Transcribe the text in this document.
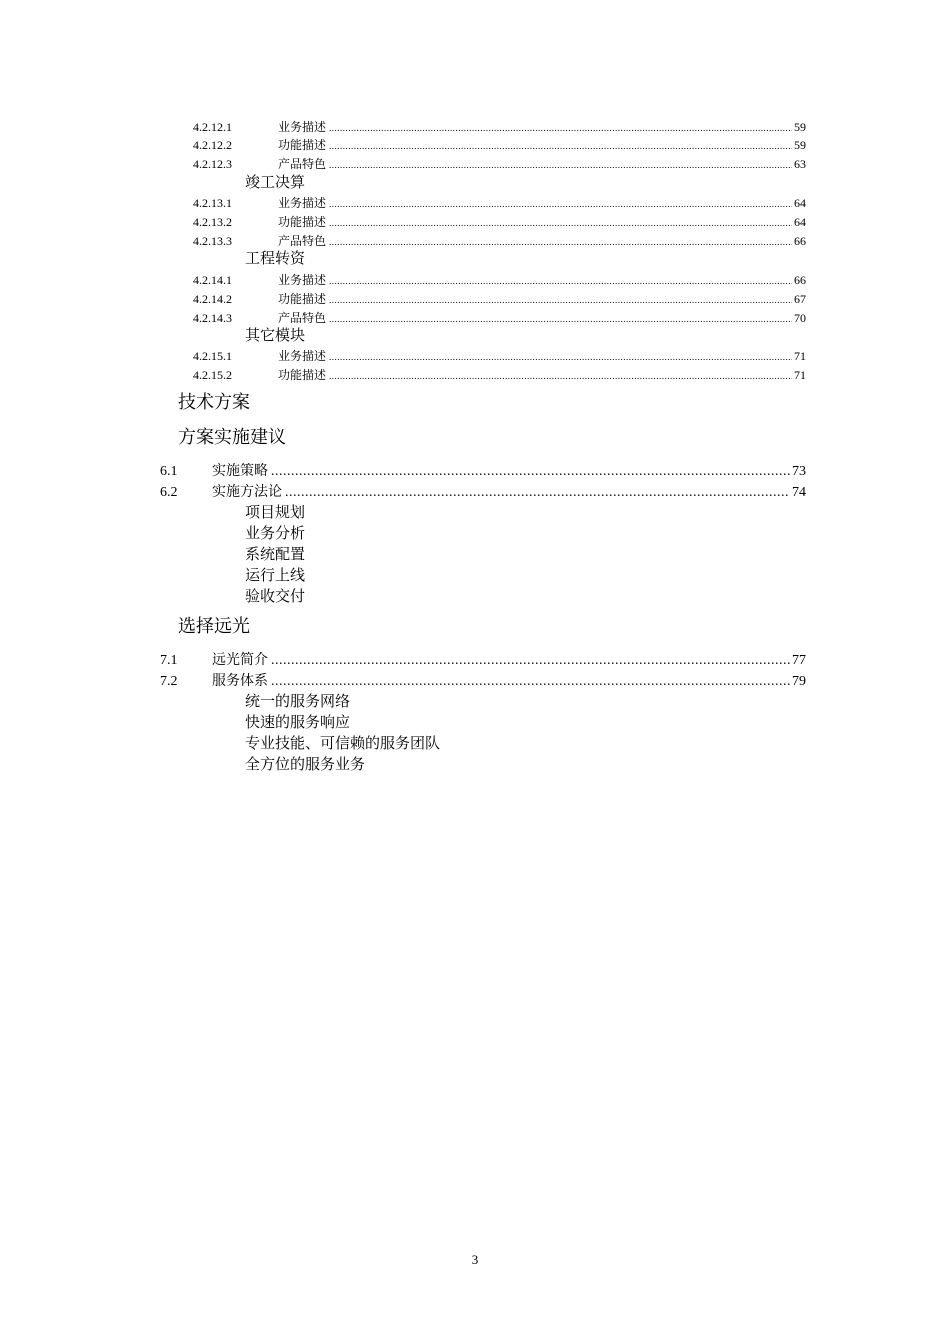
4.2.12.1	业务描述 .....	59
4.2.12.2	功能描述 .....	59
4.2.12.3	产品特色 .....	63
竣工决算
4.2.13.1	业务描述 .....	64
4.2.13.2	功能描述 .....	64
4.2.13.3	产品特色 .....	66
工程转资
4.2.14.1	业务描述 .....	66
4.2.14.2	功能描述 .....	67
4.2.14.3	产品特色 .....	70
其它模块
4.2.15.1	业务描述 .....	71
4.2.15.2	功能描述 .....	71
技术方案
方案实施建议
6.1	实施策略 .....	73
6.2	实施方法论 .....	74
项目规划
业务分析
系统配置
运行上线
验收交付
选择远光
7.1	远光简介 .....	77
7.2	服务体系 .....	79
统一的服务网络
快速的服务响应
专业技能、可信赖的服务团队
全方位的服务业务
3
